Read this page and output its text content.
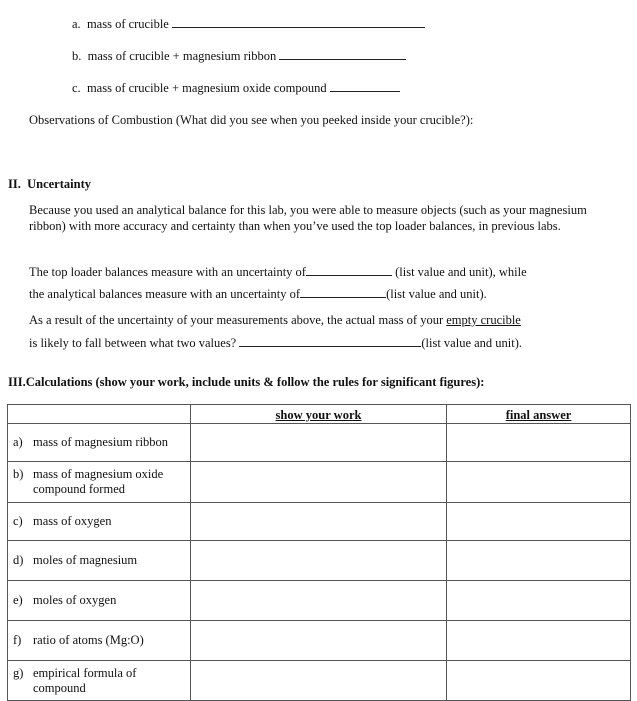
a. mass of crucible
b. mass of crucible + magnesium ribbon
c. mass of crucible + magnesium oxide compound
Observations of Combustion (What did you see when you peeked inside your crucible?):
II. Uncertainty
Because you used an analytical balance for this lab, you were able to measure objects (such as your magnesium ribbon) with more accuracy and certainty than when you’ve used the top loader balances, in previous labs.
The top loader balances measure with an uncertainty of	(list value and unit), while
the analytical balances measure with an uncertainty of	(list value and unit).
As a result of the uncertainty of your measurements above, the actual mass of your empty crucible
is likely to fall between what two values?	(list value and unit).
III.Calculations (show your work, include units & follow the rules for significant figures):
	show your work	final answer
a) mass of magnesium ribbon		
b) mass of magnesium oxide compound formed		
c) mass of oxygen		
d) moles of magnesium		
e) moles of oxygen		
f) ratio of atoms (Mg:O)		
g) empirical formula of compound		
